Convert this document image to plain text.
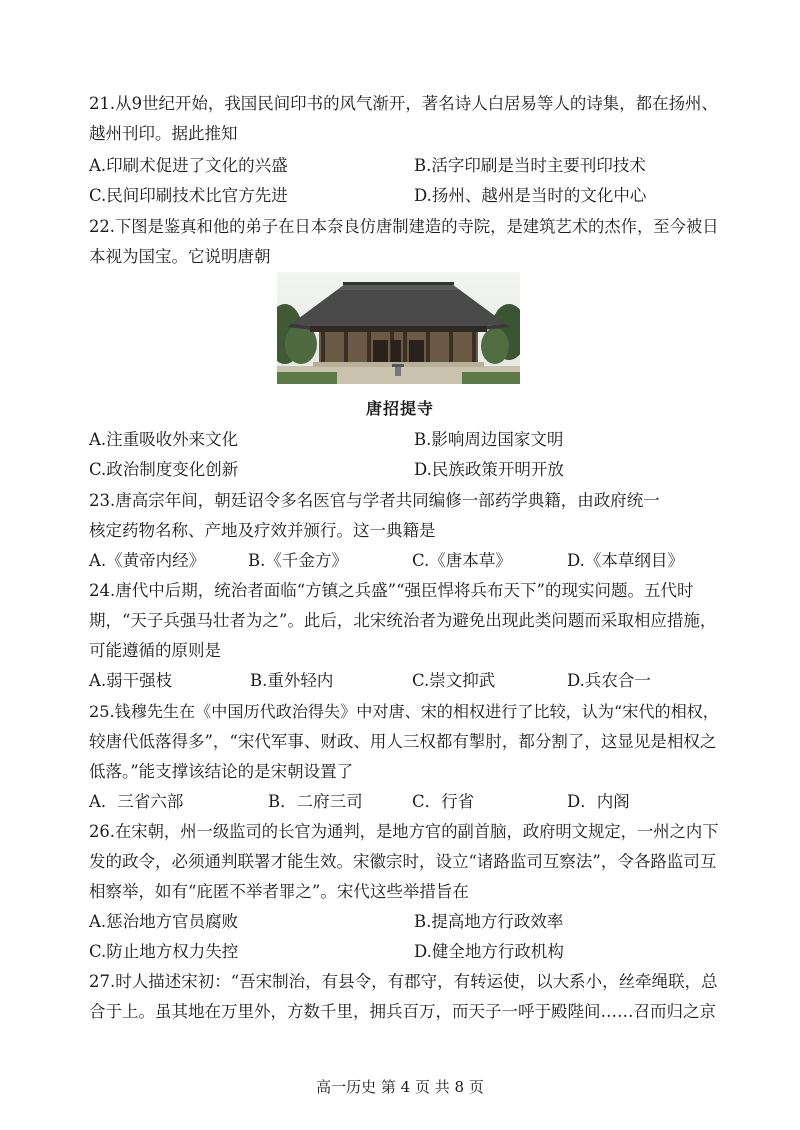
21.从9世纪开始，我国民间印书的风气渐开，著名诗人白居易等人的诗集，都在扬州、
越州刊印。据此推知
A.印刷术促进了文化的兴盛	B.活字印刷是当时主要刊印技术
C.民间印刷技术比官方先进	D.扬州、越州是当时的文化中心
22.下图是鉴真和他的弟子在日本奈良仿唐制建造的寺院，是建筑艺术的杰作，至今被日
本视为国宝。它说明唐朝
唐招提寺
A.注重吸收外来文化	B.影响周边国家文明
C.政治制度变化创新	D.民族政策开明开放
23.唐高宗年间，朝廷诏令多名医官与学者共同编修一部药学典籍，由政府统一
核定药物名称、产地及疗效并颁行。这一典籍是
A.《黄帝内经》	B.《千金方》	C.《唐本草》	D.《本草纲目》
24.唐代中后期，统治者面临“方镇之兵盛”“强臣悍将兵布天下”的现实问题。五代时
期，“天子兵强马壮者为之”。此后，北宋统治者为避免出现此类问题而采取相应措施，
可能遵循的原则是
A.弱干强枝	B.重外轻内	C.崇文抑武	D.兵农合一
25.钱穆先生在《中国历代政治得失》中对唐、宋的相权进行了比较，认为“宋代的相权，
较唐代低落得多”，“宋代军事、财政、用人三权都有掣肘，都分割了，这显见是相权之
低落。”能支撑该结论的是宋朝设置了
A．三省六部	B．二府三司	C．行省	D．内阁
26.在宋朝，州一级监司的长官为通判，是地方官的副首脑，政府明文规定，一州之内下
发的政令，必须通判联署才能生效。宋徽宗时，设立“诸路监司互察法”，令各路监司互
相察举，如有“庇匿不举者罪之”。宋代这些举措旨在
A.惩治地方官员腐败	B.提高地方行政效率
C.防止地方权力失控	D.健全地方行政机构
27.时人描述宋初：“吾宋制治，有县令，有郡守，有转运使，以大系小，丝牵绳联，总
合于上。虽其地在万里外，方数千里，拥兵百万，而天子一呼于殿陛间……召而归之京
高一历史 第 4 页 共 8 页
